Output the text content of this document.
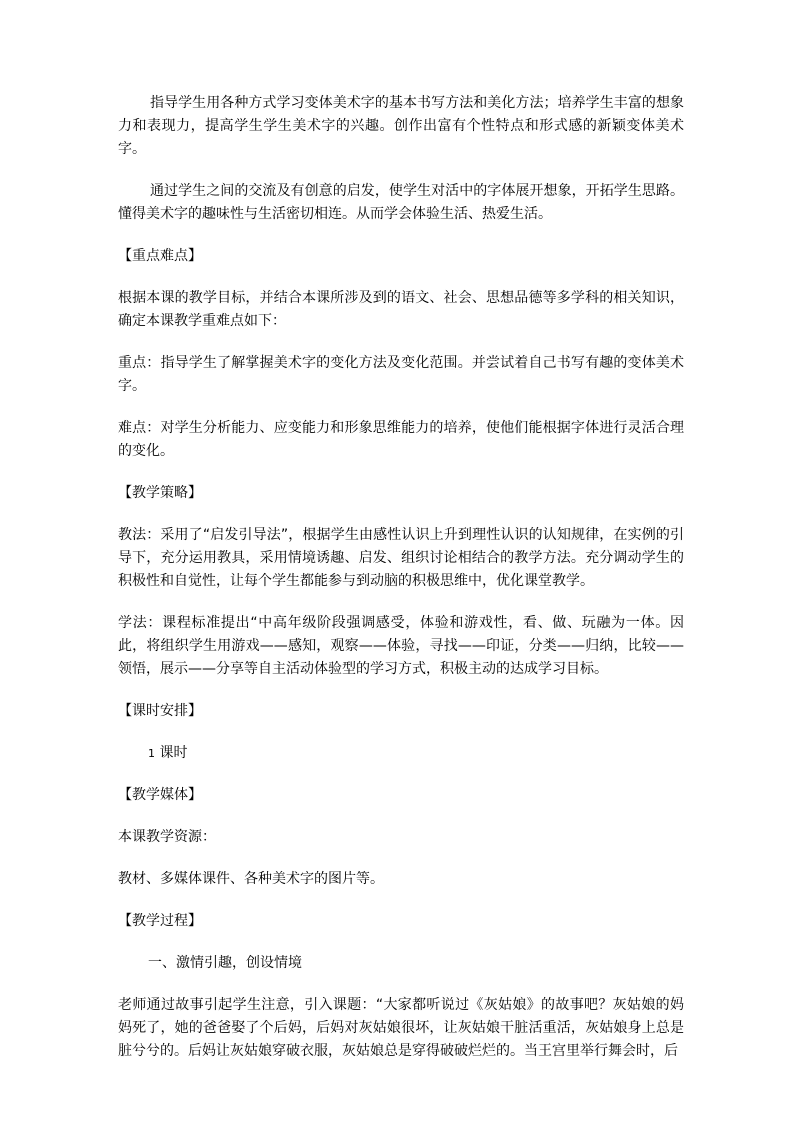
指导学生用各种方式学习变体美术字的基本书写方法和美化方法；培养学生丰富的想象力和表现力，提高学生学生美术字的兴趣。创作出富有个性特点和形式感的新颖变体美术字。

通过学生之间的交流及有创意的启发，使学生对活中的字体展开想象，开拓学生思路。懂得美术字的趣味性与生活密切相连。从而学会体验生活、热爱生活。

【重点难点】

根据本课的教学目标，并结合本课所涉及到的语文、社会、思想品德等多学科的相关知识，确定本课教学重难点如下：

重点：指导学生了解掌握美术字的变化方法及变化范围。并尝试着自己书写有趣的变体美术字。

难点：对学生分析能力、应变能力和形象思维能力的培养，使他们能根据字体进行灵活合理的变化。

【教学策略】

教法：采用了“启发引导法”，根据学生由感性认识上升到理性认识的认知规律，在实例的引导下，充分运用教具，采用情境诱趣、启发、组织讨论相结合的教学方法。充分调动学生的积极性和自觉性，让每个学生都能参与到动脑的积极思维中，优化课堂教学。

学法：课程标准提出“中高年级阶段强调感受，体验和游戏性，看、做、玩融为一体。因此，将组织学生用游戏——感知，观察——体验，寻找——印证，分类——归纳，比较——领悟，展示——分享等自主活动体验型的学习方式，积极主动的达成学习目标。

【课时安排】

1 课时

【教学媒体】

本课教学资源：

教材、多媒体课件、各种美术字的图片等。

【教学过程】

一、激情引趣，创设情境

老师通过故事引起学生注意，引入课题：“大家都听说过《灰姑娘》的故事吧？灰姑娘的妈妈死了，她的爸爸娶了个后妈，后妈对灰姑娘很坏，让灰姑娘干脏活重活，灰姑娘身上总是脏兮兮的。后妈让灰姑娘穿破衣服，灰姑娘总是穿得破破烂烂的。当王宫里举行舞会时，后
